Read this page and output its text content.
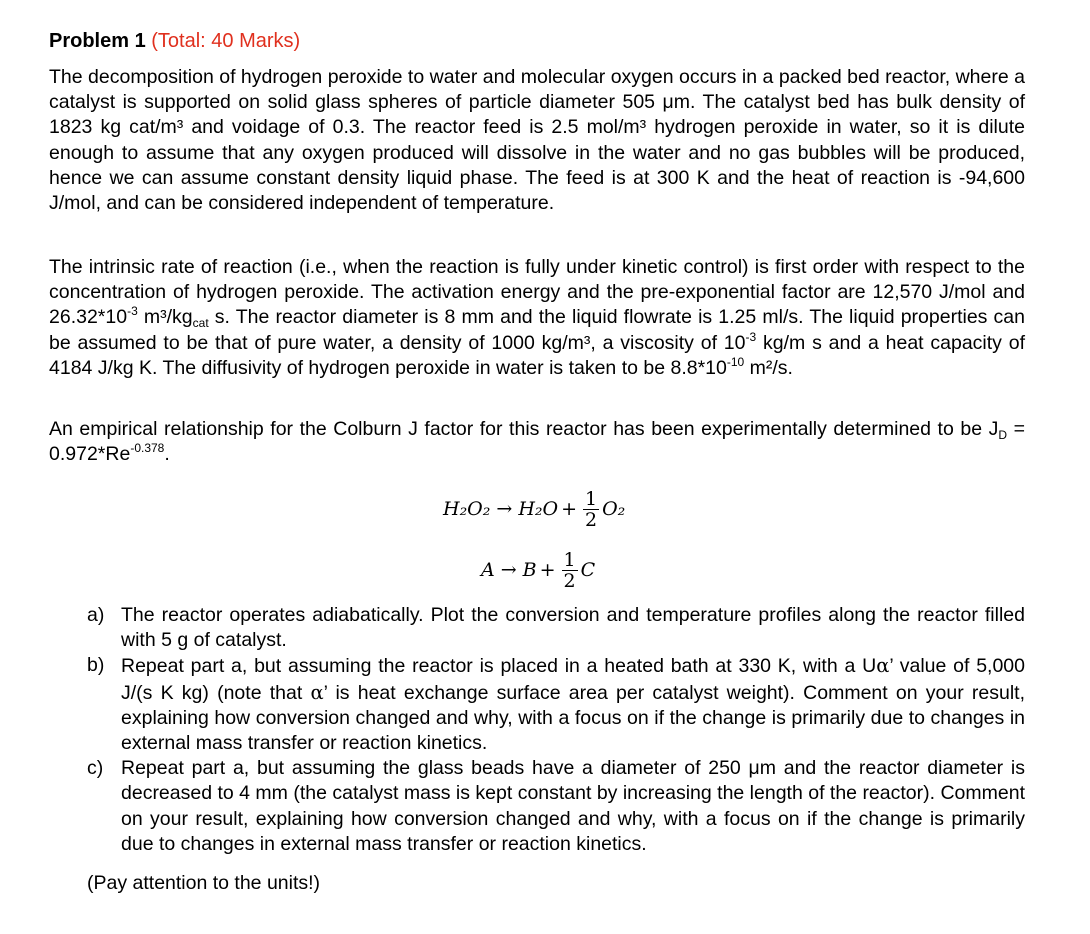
Problem 1 (Total: 40 Marks)
The decomposition of hydrogen peroxide to water and molecular oxygen occurs in a packed bed reactor, where a catalyst is supported on solid glass spheres of particle diameter 505 μm. The catalyst bed has bulk density of 1823 kg cat/m³ and voidage of 0.3. The reactor feed is 2.5 mol/m³ hydrogen peroxide in water, so it is dilute enough to assume that any oxygen produced will dissolve in the water and no gas bubbles will be produced, hence we can assume constant density liquid phase. The feed is at 300 K and the heat of reaction is -94,600 J/mol, and can be considered independent of temperature.
The intrinsic rate of reaction (i.e., when the reaction is fully under kinetic control) is first order with respect to the concentration of hydrogen peroxide. The activation energy and the pre-exponential factor are 12,570 J/mol and $26.32*10^{-3}$ $m^3/kg_{cat}$ s. The reactor diameter is 8 mm and the liquid flowrate is 1.25 ml/s. The liquid properties can be assumed to be that of pure water, a density of 1000 kg/m³, a viscosity of $10^{-3}$ kg/m s and a heat capacity of 4184 J/kg K. The diffusivity of hydrogen peroxide in water is taken to be $8.8*10^{-10}$ m²/s.
An empirical relationship for the Colburn J factor for this reactor has been experimentally determined to be $J_D = 0.972*Re^{-0.378}$.
$H_2O_2 \to H_2O + \frac{1}{2} O_2$
$A \to B + \frac{1}{2}$ C
a) The reactor operates adiabatically. Plot the conversion and temperature profiles along the reactor filled with 5 g of catalyst.
b) Repeat part a, but assuming the reactor is placed in a heated bath at 330 K, with a Uα’ value of 5,000 J/(s K kg) (note that α’ is heat exchange surface area per catalyst weight). Comment on your result, explaining how conversion changed and why, with a focus on if the change is primarily due to changes in external mass transfer or reaction kinetics.
c) Repeat part a, but assuming the glass beads have a diameter of 250 μm and the reactor diameter is decreased to 4 mm (the catalyst mass is kept constant by increasing the length of the reactor). Comment on your result, explaining how conversion changed and why, with a focus on if the change is primarily due to changes in external mass transfer or reaction kinetics.
(Pay attention to the units!)
